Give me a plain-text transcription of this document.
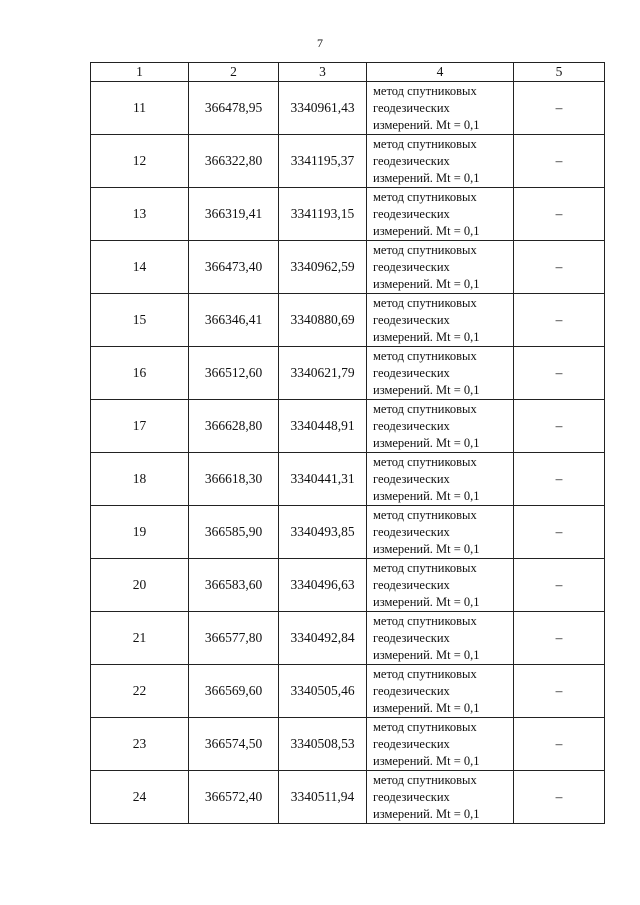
7
1	2	3	4	5
11	366478,95	3340961,43	метод спутниковых
геодезических
измерений. Mt = 0,1	–
12	366322,80	3341195,37	метод спутниковых
геодезических
измерений. Mt = 0,1	–
13	366319,41	3341193,15	метод спутниковых
геодезических
измерений. Mt = 0,1	–
14	366473,40	3340962,59	метод спутниковых
геодезических
измерений. Mt = 0,1	–
15	366346,41	3340880,69	метод спутниковых
геодезических
измерений. Mt = 0,1	–
16	366512,60	3340621,79	метод спутниковых
геодезических
измерений. Mt = 0,1	–
17	366628,80	3340448,91	метод спутниковых
геодезических
измерений. Mt = 0,1	–
18	366618,30	3340441,31	метод спутниковых
геодезических
измерений. Mt = 0,1	–
19	366585,90	3340493,85	метод спутниковых
геодезических
измерений. Mt = 0,1	–
20	366583,60	3340496,63	метод спутниковых
геодезических
измерений. Mt = 0,1	–
21	366577,80	3340492,84	метод спутниковых
геодезических
измерений. Mt = 0,1	–
22	366569,60	3340505,46	метод спутниковых
геодезических
измерений. Mt = 0,1	–
23	366574,50	3340508,53	метод спутниковых
геодезических
измерений. Mt = 0,1	–
24	366572,40	3340511,94	метод спутниковых
геодезических
измерений. Mt = 0,1	–
